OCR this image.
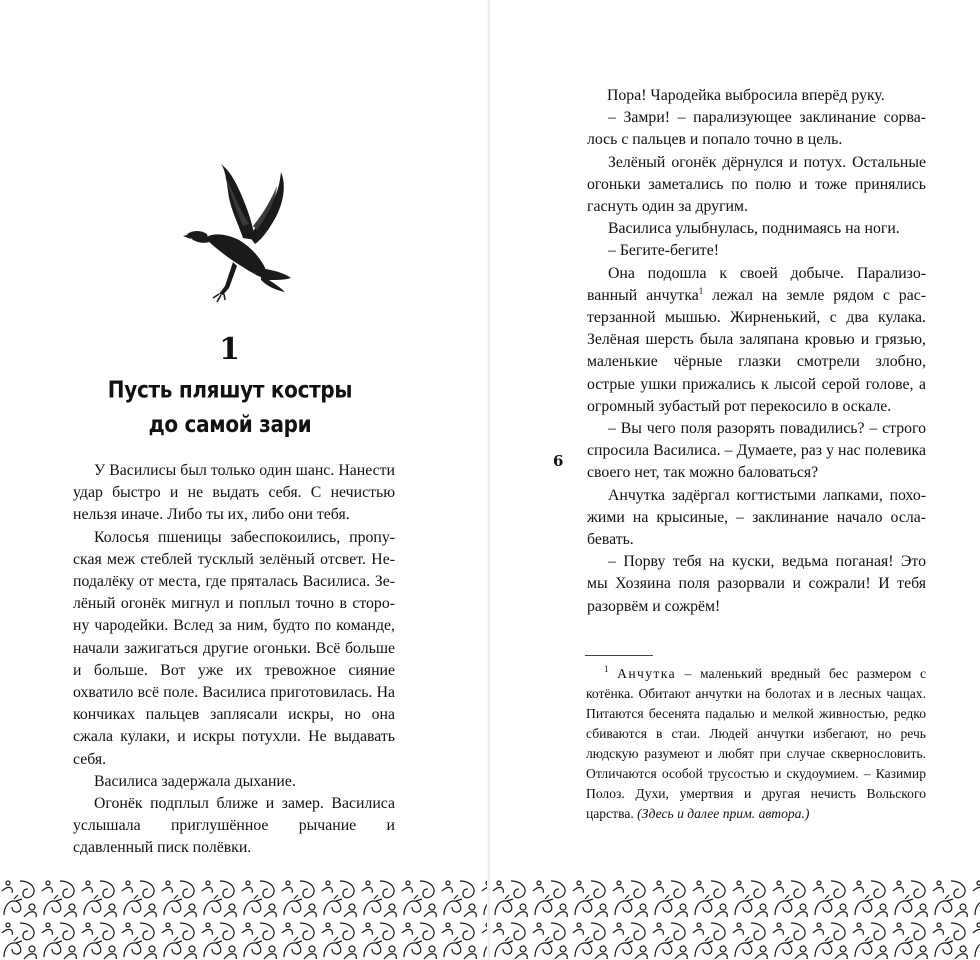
1
Пусть пляшут костры
до самой зари

У Василисы был только один шанс. Нанести удар быстро и не выдать себя. С нечистью нельзя иначе. Либо ты их, либо они тебя.

Колосья пшеницы забеспокоились, пропуская меж стеблей тусклый зелёный отсвет. Неподалёку от места, где пряталась Василиса. Зелёный огонёк мигнул и поплыл точно в сторону чародейки. Вслед за ним, будто по команде, начали зажигаться другие огоньки. Всё больше и больше. Вот уже их тревожное сияние охватило всё поле. Василиса приготовилась. На кончиках пальцев заплясали искры, но она сжала кулаки, и искры потухли. Не выдавать себя.

Василиса задержала дыхание.

Огонёк подплыл ближе и замер. Василиса услышала приглушённое рычание и сдавленный писк полёвки.

Пора! Чародейка выбросила вперёд руку.

– Замри! – парализующее заклинание сорвалось с пальцев и попало точно в цель.

Зелёный огонёк дёрнулся и потух. Остальные огоньки заметались по полю и тоже принялись гаснуть один за другим.

Василиса улыбнулась, поднимаясь на ноги.

– Бегите-бегите!

Она подошла к своей добыче. Парализованный анчутка$^1$ лежал на земле рядом с растерзанной мышью. Жирненький, с два кулака. Зелёная шерсть была заляпана кровью и грязью, маленькие чёрные глазки смотрели злобно, острые ушки прижались к лысой серой голове, а огромный зубастый рот перекосило в оскале.

– Вы чего поля разорять повадились? – строго спросила Василиса. – Думаете, раз у нас полевика своего нет, так можно баловаться?

Анчутка задёргал когтистыми лапками, похожими на крысиные, – заклинание начало ослабевать.

– Порву тебя на куски, ведьма поганая! Это мы Хозяина поля разорвали и сожрали! И тебя разорвём и сожрём!

6

$^1$ Анчутка – маленький вредный бес размером с котёнка. Обитают анчутки на болотах и в лесных чащах. Питаются бесенята падалью и мелкой живностью, редко сбиваются в стаи. Людей анчутки избегают, но речь людскую разумеют и любят при случае сквернословить. Отличаются особой трусостью и скудоумием. – Казимир Полоз. Духи, умертвия и другая нечисть Вольского царства. (Здесь и далее прим. автора.)
